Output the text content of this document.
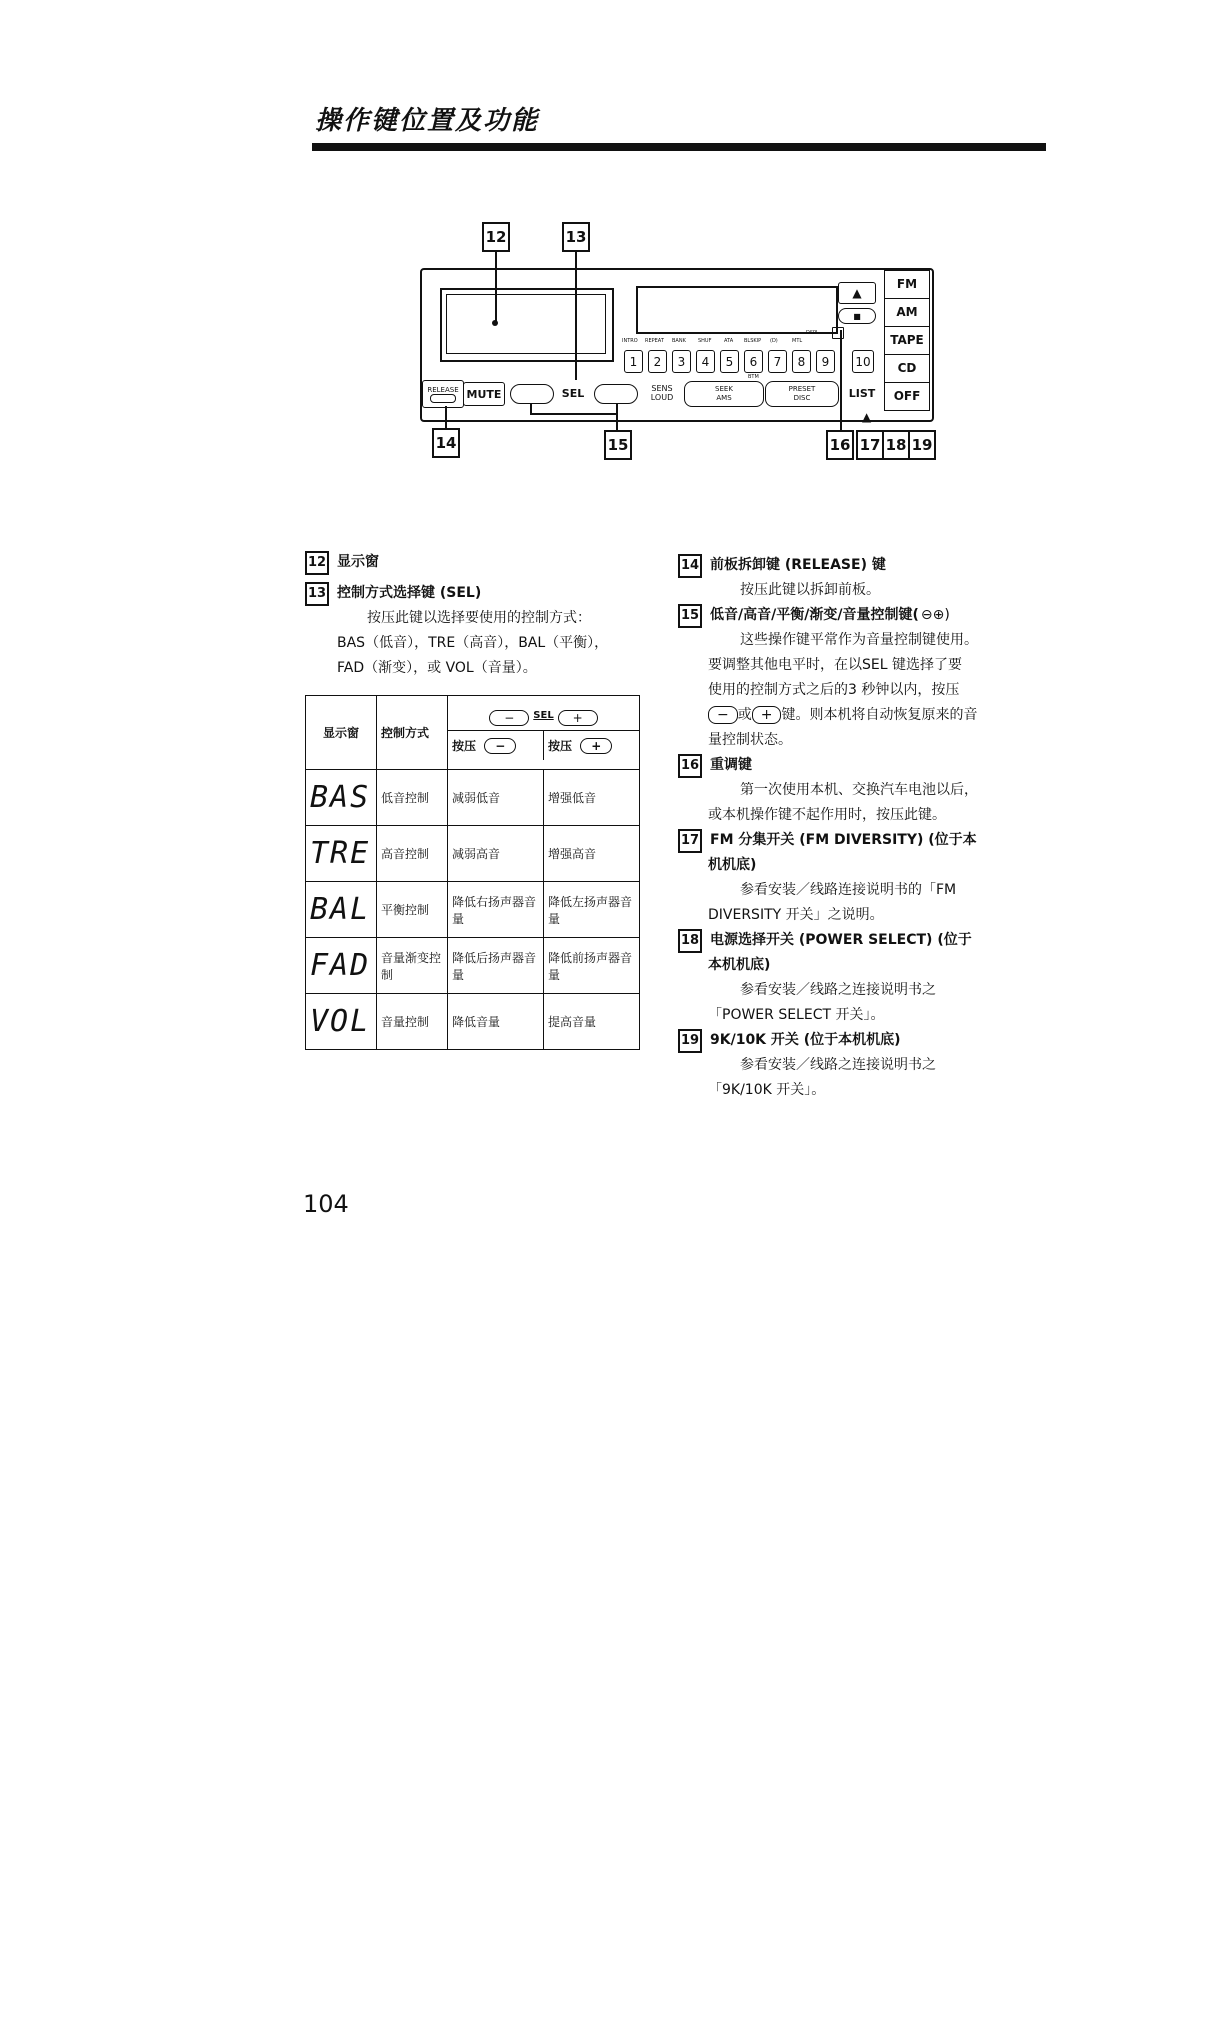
操作键位置及功能
12	13
INTRO REPEAT BANK SHUF	ATA BLSKIP (D)	MTL
DSPL
BTM
1	2	3	4	5	6	7	8	9	10
▲
■
FM
AM
TAPE
CD
OFF
RELEASE MUTE	SEL	SENS
LOUD
SEEK
AMS
PRESET
DISC	LIST
14	15	16 17 18 19
▲
12 显示窗
13 控制方式选择键 (SEL)
按压此键以选择要使用的控制方式：
BAS（低音），TRE（高音），BAL（平衡），
FAD（渐变），或 VOL（音量）。
显示窗	控制方式	− SEL +
按压 − 按压 +	

BAS	低音控制	减弱低音	增强低音
TRE	高音控制	减弱高音	增强高音
BAL	平衡控制	降低右扬声器音量	降低左扬声器音量
FAD	音量渐变控制	降低后扬声器音量	降低前扬声器音量
VOL	音量控制	降低音量	提高音量
14 前板拆卸键 (RELEASE) 键
按压此键以拆卸前板。
15 低音/高音/平衡/渐变/音量控制键( ⊖⊕)
这些操作键平常作为音量控制键使用。
要调整其他电平时，在以SEL 键选择了要
使用的控制方式之后的3 秒钟以内，按压
− 或 + 键。则本机将自动恢复原来的音
量控制状态。
16 重调键
第一次使用本机、交换汽车电池以后，
或本机操作键不起作用时，按压此键。
17 FM 分集开关 (FM DIVERSITY) (位于本
机机底)
参看安装／线路连接说明书的「FM
DIVERSITY 开关」之说明。
18 电源选择开关 (POWER SELECT) (位于
本机机底)
参看安装／线路之连接说明书之
「POWER SELECT 开关」。
19 9K/10K 开关 (位于本机机底)
参看安装／线路之连接说明书之
「9K/10K 开关」。
104
